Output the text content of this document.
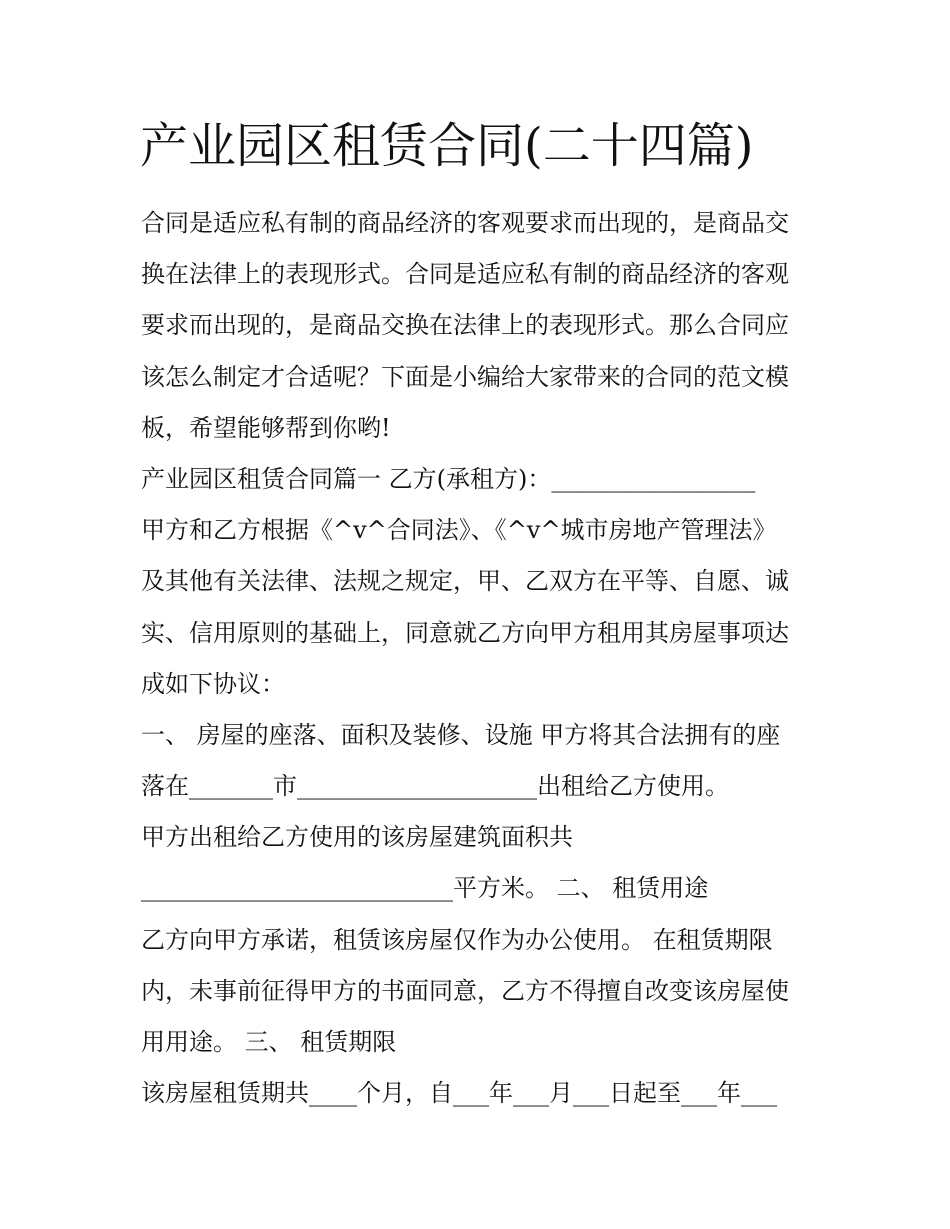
产业园区租赁合同(二十四篇)
合同是适应私有制的商品经济的客观要求而出现的，是商品交
换在法律上的表现形式。合同是适应私有制的商品经济的客观
要求而出现的，是商品交换在法律上的表现形式。那么合同应
该怎么制定才合适呢？下面是小编给大家带来的合同的范文模
板，希望能够帮到你哟!
产业园区租赁合同篇一 乙方(承租方)：_________________
甲方和乙方根据《^v^合同法》、《^v^城市房地产管理法》
及其他有关法律、法规之规定，甲、乙双方在平等、自愿、诚
实、信用原则的基础上，同意就乙方向甲方租用其房屋事项达
成如下协议：
一、 房屋的座落、面积及装修、设施 甲方将其合法拥有的座
落在_______市____________________出租给乙方使用。
甲方出租给乙方使用的该房屋建筑面积共
__________________________平方米。 二、 租赁用途
乙方向甲方承诺，租赁该房屋仅作为办公使用。 在租赁期限
内，未事前征得甲方的书面同意，乙方不得擅自改变该房屋使
用用途。 三、 租赁期限
该房屋租赁期共____个月，自___年___月___日起至___年___
